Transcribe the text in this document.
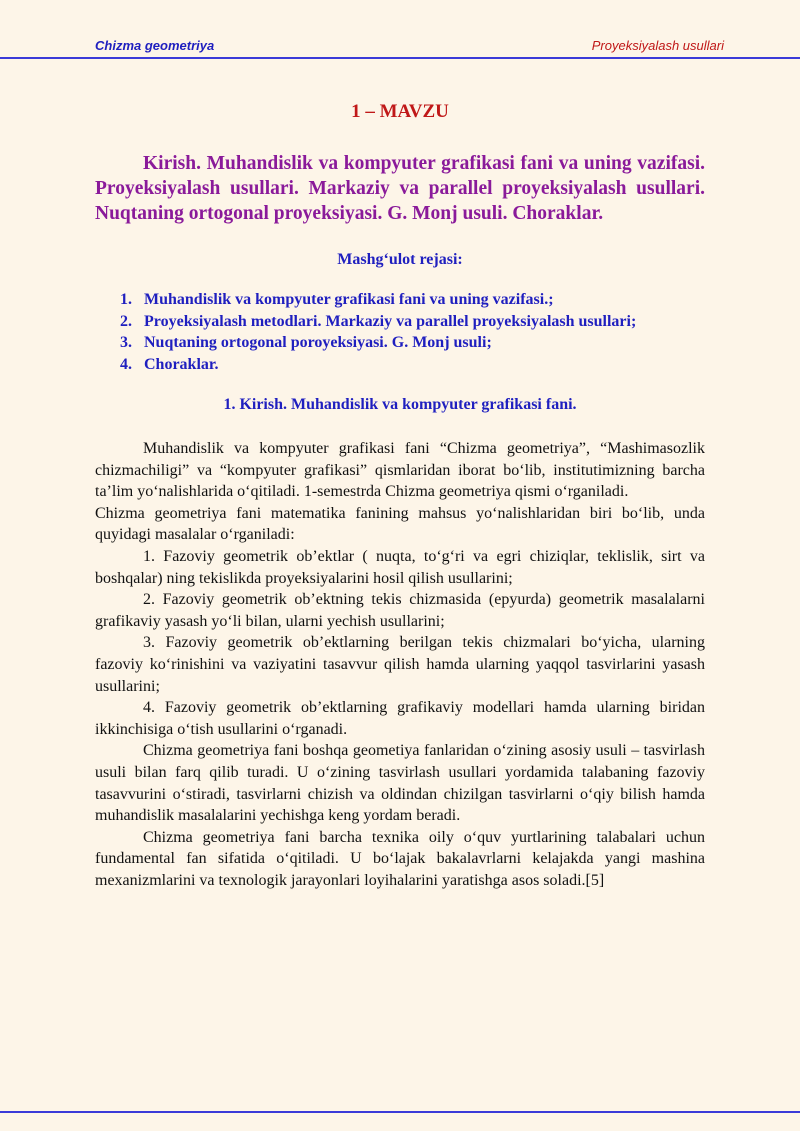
Chizma geometriya	Proyeksiyalash usullari
1 – MAVZU

Kirish. Muhandislik va kompyuter grafikasi fani va uning vazifasi. Proyeksiyalash usullari. Markaziy va parallel proyeksiyalash usullari. Nuqtaning ortogonal proyeksiyasi. G. Monj usuli. Choraklar.

Mashg‘ulot rejasi:
1. Muhandislik va kompyuter grafikasi fani va uning vazifasi.;
2. Proyeksiyalash metodlari. Markaziy va parallel proyeksiyalash usullari;
3. Nuqtaning ortogonal poroyeksiyasi. G. Monj usuli;
4. Choraklar.
1. Kirish. Muhandislik va kompyuter grafikasi fani.

Muhandislik va kompyuter grafikasi fani “Chizma geometriya”, “Mashimasozlik chizmachiligi” va “kompyuter grafikasi” qismlaridan iborat bo‘lib, institutimizning barcha ta’lim yo‘nalishlarida o‘qitiladi. 1-semestrda Chizma geometriya qismi o‘rganiladi.

Chizma geometriya fani matematika fanining mahsus yo‘nalishlaridan biri bo‘lib, unda quyidagi masalalar o‘rganiladi:

1. Fazoviy geometrik ob’ektlar ( nuqta, to‘g‘ri va egri chiziqlar, teklislik, sirt va boshqalar) ning tekislikda proyeksiyalarini hosil qilish usullarini;

2. Fazoviy geometrik ob’ektning tekis chizmasida (epyurda) geometrik masalalarni grafikaviy yasash yo‘li bilan, ularni yechish usullarini;

3. Fazoviy geometrik ob’ektlarning berilgan tekis chizmalari bo‘yicha, ularning fazoviy ko‘rinishini va vaziyatini tasavvur qilish hamda ularning yaqqol tasvirlarini yasash usullarini;

4. Fazoviy geometrik ob’ektlarning grafikaviy modellari hamda ularning biridan ikkinchisiga o‘tish usullarini o‘rganadi.

Chizma geometriya fani boshqa geometiya fanlaridan o‘zining asosiy usuli – tasvirlash usuli bilan farq qilib turadi. U o‘zining tasvirlash usullari yordamida talabaning fazoviy tasavvurini o‘stiradi, tasvirlarni chizish va oldindan chizilgan tasvirlarni o‘qiy bilish hamda muhandislik masalalarini yechishga keng yordam beradi.

Chizma geometriya fani barcha texnika oily o‘quv yurtlarining talabalari uchun fundamental fan sifatida o‘qitiladi. U bo‘lajak bakalavrlarni kelajakda yangi mashina mexanizmlarini va texnologik jarayonlari loyihalarini yaratishga asos soladi.[5]
